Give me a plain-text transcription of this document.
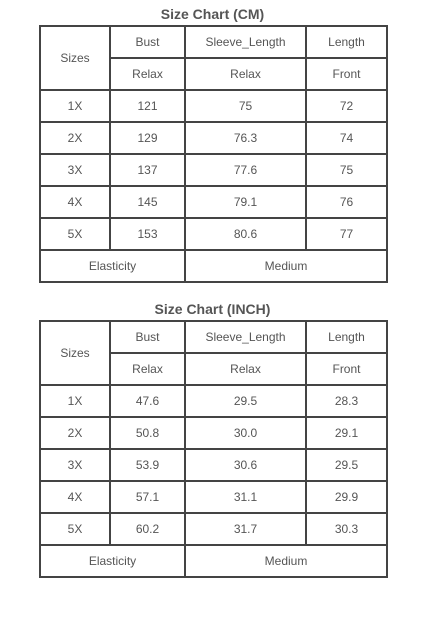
Size Chart (CM)
Sizes	Bust	Sleeve_Length	Length
	Relax	Relax	Front
1X	121	75	72
2X	129	76.3	74
3X	137	77.6	75
4X	145	79.1	76
5X	153	80.6	77
Elasticity		Medium	
Size Chart (INCH)
Sizes	Bust	Sleeve_Length	Length
	Relax	Relax	Front
1X	47.6	29.5	28.3
2X	50.8	30.0	29.1
3X	53.9	30.6	29.5
4X	57.1	31.1	29.9
5X	60.2	31.7	30.3
Elasticity		Medium	
